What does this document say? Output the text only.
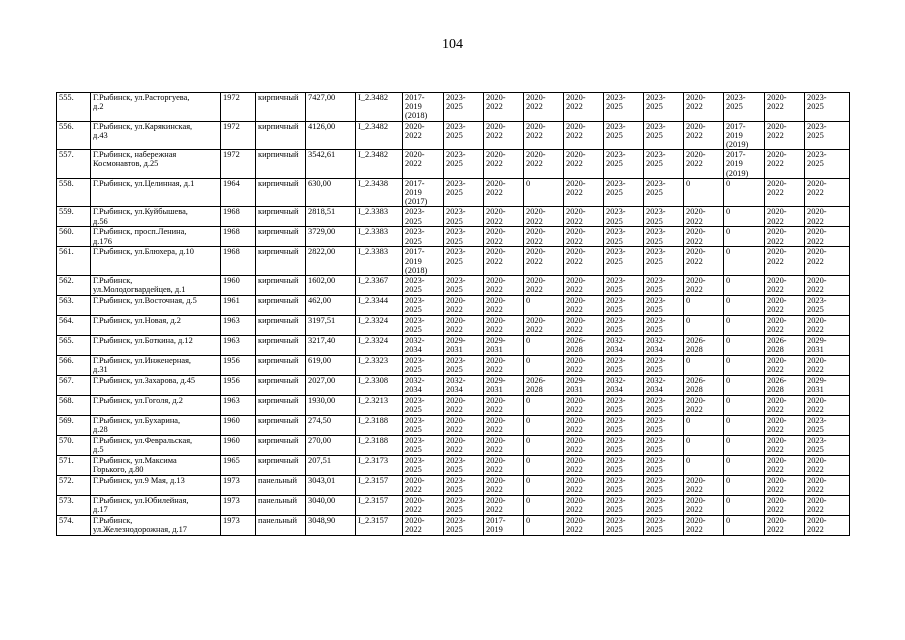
104
555.	Г.Рыбинск, ул.Расторгуева,
д.2	1972	кирпичный	7427,00	I_2.3482	2017-
2019
(2018)	2023-
2025	2020-
2022	2020-
2022	2020-
2022	2023-
2025	2023-
2025	2020-
2022	2023-
2025	2020-
2022	2023-
2025

556.	Г.Рыбинск, ул.Карякинская,
д.43	1972	кирпичный	4126,00	I_2.3482	2020-
2022	2023-
2025	2020-
2022	2020-
2022	2020-
2022	2023-
2025	2023-
2025	2020-
2022	2017-
2019
(2019)	2020-
2022	2023-
2025

557.	Г.Рыбинск, набережная
Космонавтов, д.25	1972	кирпичный	3542,61	I_2.3482	2020-
2022	2023-
2025	2020-
2022	2020-
2022	2020-
2022	2023-
2025	2023-
2025	2020-
2022	2017-
2019
(2019)	2020-
2022	2023-
2025

558.	Г.Рыбинск, ул.Целинная, д.1	1964	кирпичный	630,00	I_2.3438	2017-
2019
(2017)	2023-
2025	2020-
2022	0	2020-
2022	2023-
2025	2023-
2025	0	0	2020-
2022	2020-
2022

559.	Г.Рыбинск, ул.Куйбышева,
д.56	1968	кирпичный	2818,51	I_2.3383	2023-
2025	2023-
2025	2020-
2022	2020-
2022	2020-
2022	2023-
2025	2023-
2025	2020-
2022	0	2020-
2022	2020-
2022

560.	Г.Рыбинск, просп.Ленина,
д.176	1968	кирпичный	3729,00	I_2.3383	2023-
2025	2023-
2025	2020-
2022	2020-
2022	2020-
2022	2023-
2025	2023-
2025	2020-
2022	0	2020-
2022	2020-
2022

561.	Г.Рыбинск, ул.Блюхера, д.10	1968	кирпичный	2822,00	I_2.3383	2017-
2019
(2018)	2023-
2025	2020-
2022	2020-
2022	2020-
2022	2023-
2025	2023-
2025	2020-
2022	0	2020-
2022	2020-
2022

562.	Г.Рыбинск,
ул.Молодогвардейцев, д.1	1960	кирпичный	1602,00	I_2.3367	2023-
2025	2023-
2025	2020-
2022	2020-
2022	2020-
2022	2023-
2025	2023-
2025	2020-
2022	0	2020-
2022	2020-
2022

563.	Г.Рыбинск, ул.Восточная, д.5	1961	кирпичный	462,00	I_2.3344	2023-
2025	2020-
2022	2020-
2022	0	2020-
2022	2023-
2025	2023-
2025	0	0	2020-
2022	2023-
2025

564.	Г.Рыбинск, ул.Новая, д.2	1963	кирпичный	3197,51	I_2.3324	2023-
2025	2020-
2022	2020-
2022	2020-
2022	2020-
2022	2023-
2025	2023-
2025	0	0	2020-
2022	2020-
2022

565.	Г.Рыбинск, ул.Боткина, д.12	1963	кирпичный	3217,40	I_2.3324	2032-
2034	2029-
2031	2029-
2031	0	2026-
2028	2032-
2034	2032-
2034	2026-
2028	0	2026-
2028	2029-
2031

566.	Г.Рыбинск, ул.Инженерная,
д.31	1956	кирпичный	619,00	I_2.3323	2023-
2025	2023-
2025	2020-
2022	0	2020-
2022	2023-
2025	2023-
2025	0	0	2020-
2022	2020-
2022

567.	Г.Рыбинск, ул.Захарова, д.45	1956	кирпичный	2027,00	I_2.3308	2032-
2034	2032-
2034	2029-
2031	2026-
2028	2029-
2031	2032-
2034	2032-
2034	2026-
2028	0	2026-
2028	2029-
2031

568.	Г.Рыбинск, ул.Гоголя, д.2	1963	кирпичный	1930,00	I_2.3213	2023-
2025	2020-
2022	2020-
2022	0	2020-
2022	2023-
2025	2023-
2025	2020-
2022	0	2020-
2022	2020-
2022

569.	Г.Рыбинск, ул.Бухарина,
д.28	1960	кирпичный	274,50	I_2.3188	2023-
2025	2020-
2022	2020-
2022	0	2020-
2022	2023-
2025	2023-
2025	0	0	2020-
2022	2023-
2025

570.	Г.Рыбинск, ул.Февральская,
д.5	1960	кирпичный	270,00	I_2.3188	2023-
2025	2020-
2022	2020-
2022	0	2020-
2022	2023-
2025	2023-
2025	0	0	2020-
2022	2023-
2025

571.	Г.Рыбинск, ул.Максима
Горького, д.80	1965	кирпичный	207,51	I_2.3173	2023-
2025	2023-
2025	2020-
2022	0	2020-
2022	2023-
2025	2023-
2025	0	0	2020-
2022	2020-
2022

572.	Г.Рыбинск, ул.9 Мая, д.13	1973	панельный	3043,01	I_2.3157	2020-
2022	2023-
2025	2020-
2022	0	2020-
2022	2023-
2025	2023-
2025	2020-
2022	0	2020-
2022	2020-
2022

573.	Г.Рыбинск, ул.Юбилейная,
д.17	1973	панельный	3040,00	I_2.3157	2020-
2022	2023-
2025	2020-
2022	0	2020-
2022	2023-
2025	2023-
2025	2020-
2022	0	2020-
2022	2020-
2022

574.	Г.Рыбинск,
ул.Железнодорожная, д.17	1973	панельный	3048,90	I_2.3157	2020-
2022	2023-
2025	2017-
2019	0	2020-
2022	2023-
2025	2023-
2025	2020-
2022	0	2020-
2022	2020-
2022
